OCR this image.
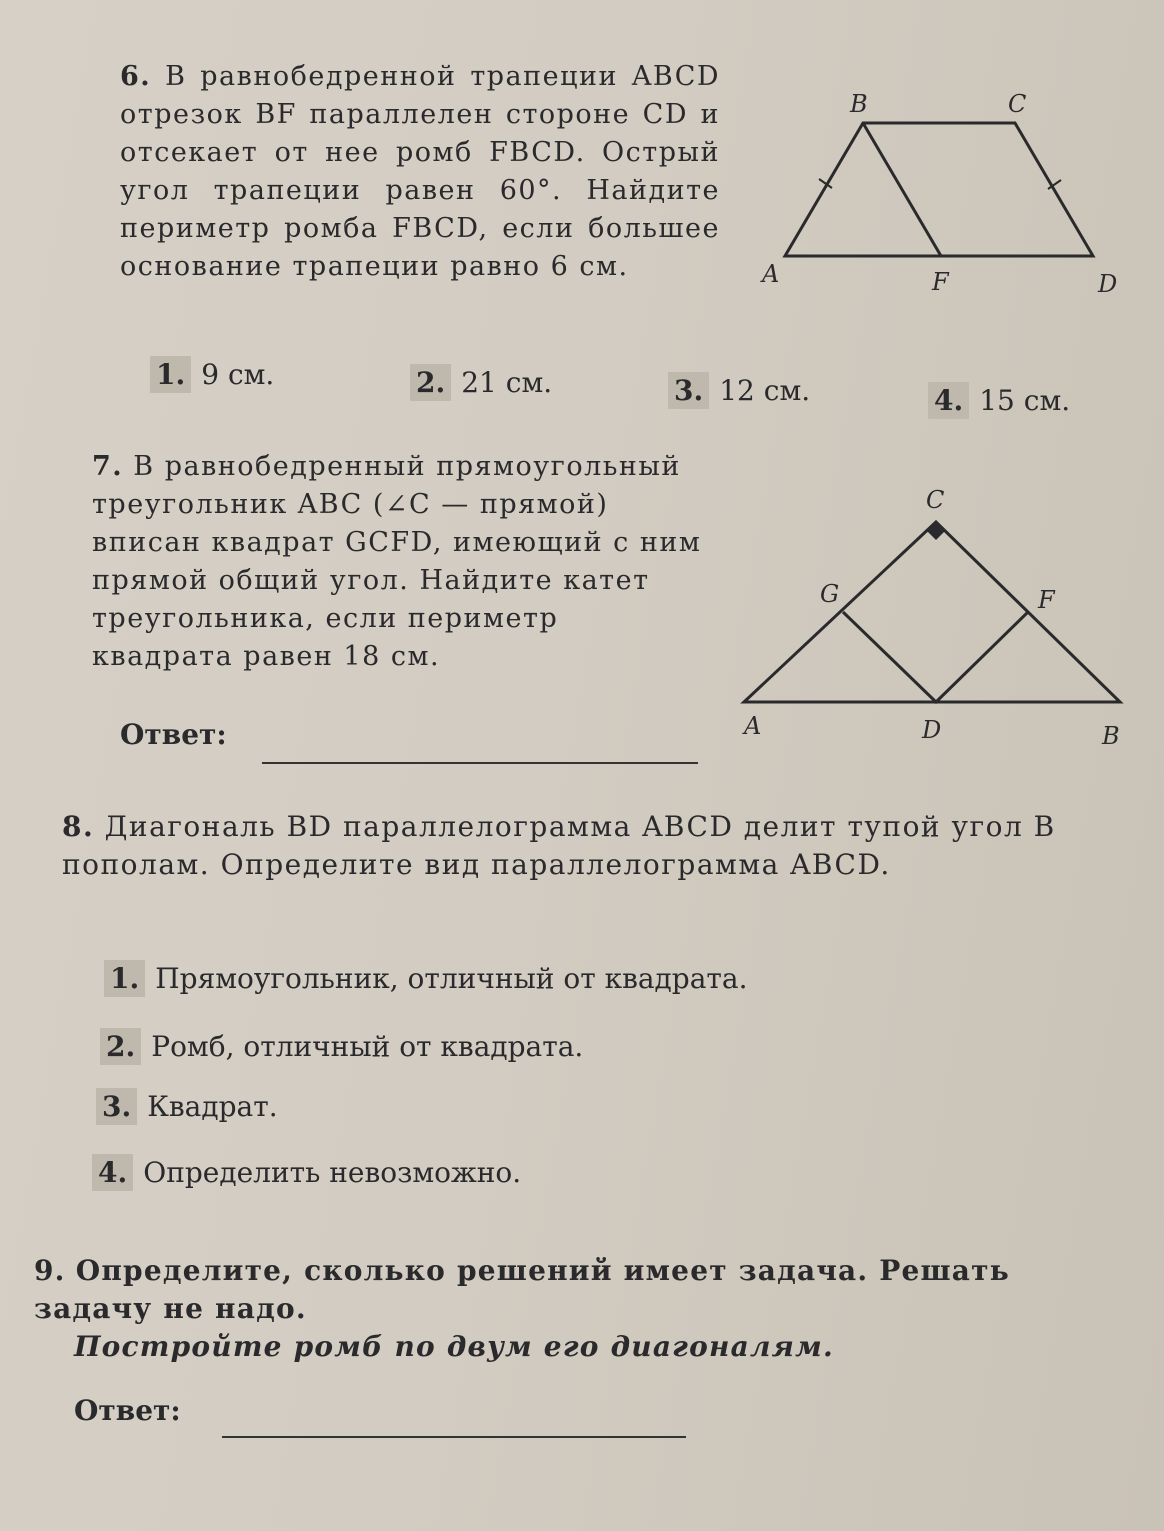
6. В равнобедренной трапеции ABCD отрезок BF параллелен стороне CD и отсекает от нее ромб FBCD. Острый угол трапеции равен 60°. Найдите периметр ромба FBCD, если большее основание трапеции равно 6 см.
B	C
A	F	D
1. 9 см.	2. 21 см.	3. 12 см.	4. 15 см.
7. В равнобедренный прямоугольный треугольник ABC (∠C — прямой) вписан квадрат GCFD, имеющий с ним прямой общий угол. Найдите катет треугольника, если периметр квадрата равен 18 см.
Ответ:
C
G	F
A	D	B
8. Диагональ BD параллелограмма ABCD делит тупой угол B пополам. Определите вид параллелограмма ABCD.
1. Прямоугольник, отличный от квадрата.
2. Ромб, отличный от квадрата.
3. Квадрат.
4. Определить невозможно.
9. Определите, сколько решений имеет задача. Решать задачу не надо.
Постройте ромб по двум его диагоналям.
Ответ:
